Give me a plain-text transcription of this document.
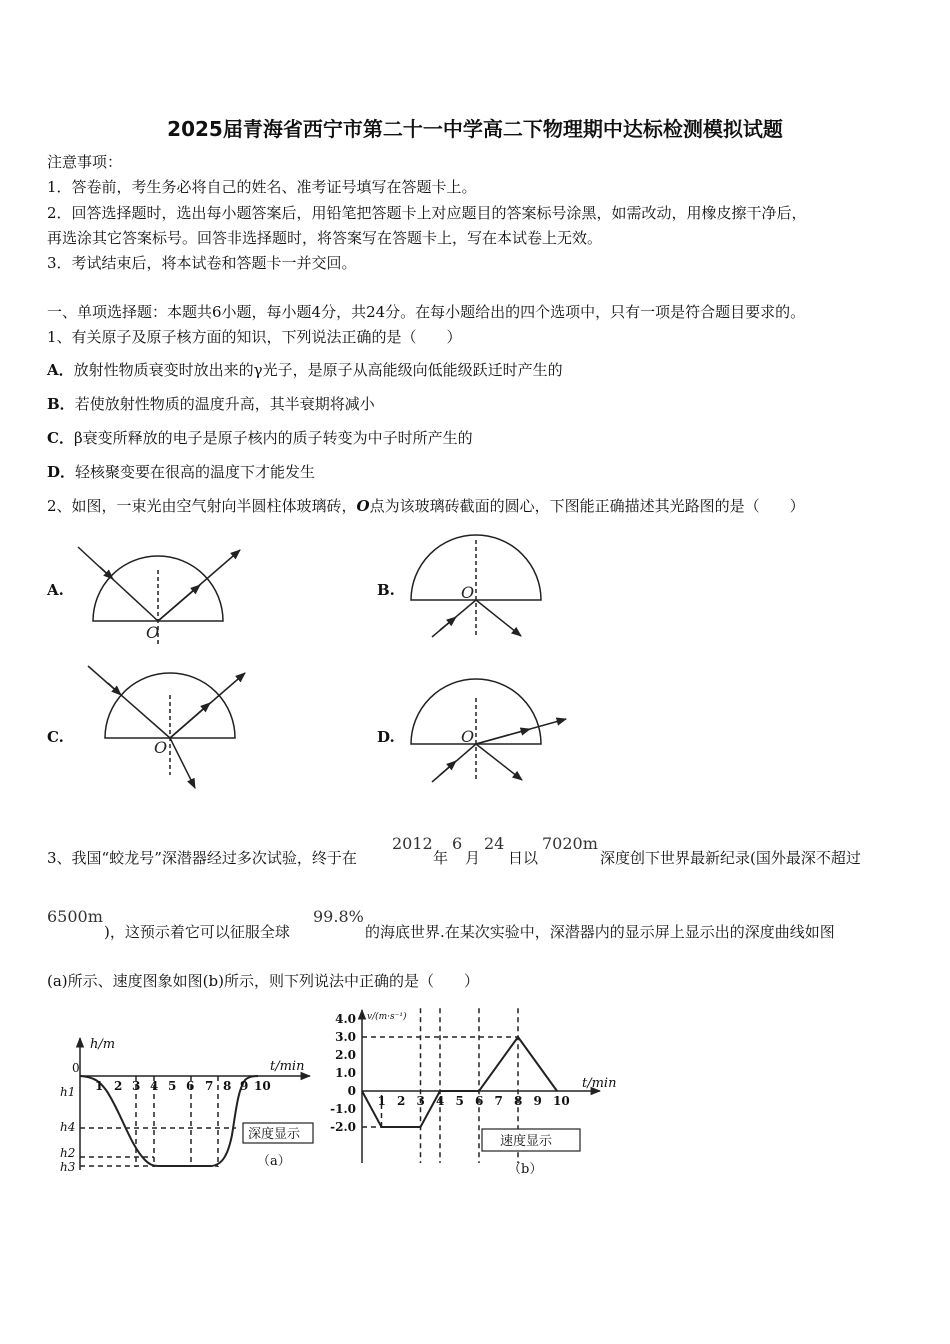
2025届青海省西宁市第二十一中学高二下物理期中达标检测模拟试题
注意事项：
1．答卷前，考生务必将自己的姓名、准考证号填写在答题卡上。
2．回答选择题时，选出每小题答案后，用铅笔把答题卡上对应题目的答案标号涂黑，如需改动，用橡皮擦干净后，
再选涂其它答案标号。回答非选择题时，将答案写在答题卡上，写在本试卷上无效。
3．考试结束后，将本试卷和答题卡一并交回。
一、单项选择题：本题共6小题，每小题4分，共24分。在每小题给出的四个选项中，只有一项是符合题目要求的。
1、有关原子及原子核方面的知识，下列说法正确的是（　　）
A．放射性物质衰变时放出来的γ光子，是原子从高能级向低能级跃迁时产生的
B．若使放射性物质的温度升高，其半衰期将减小
C．β衰变所释放的电子是原子核内的质子转变为中子时所产生的
D．轻核聚变要在很高的温度下才能发生
2、如图，一束光由空气射向半圆柱体玻璃砖，O点为该玻璃砖截面的圆心，下图能正确描述其光路图的是（　　）
A.	B.
C.	D.
O
O
O
O
3、我国“蛟龙号”深潜器经过多次试验，终于在
2012
年
6
月
24
日以
7020m
深度创下世界最新纪录(国外最深不超过
6500m
)，这预示着它可以征服全球
99.8%
的海底世界.在某次实验中，深潜器内的显示屏上显示出的深度曲线如图
(a)所示、速度图象如图(b)所示，则下列说法中正确的是（　　）
h/m
t/min
0
1 2 3 4 5 6 7 8 9 10
h1
h4
h2
h3
深度显示
（a）
4.0
3.0
2.0
1.0
0
-1.0
-2.0
1 2 3 4 5 6 7 8 9 10
v/(m·s⁻¹)
t/min
速度显示
（b）
